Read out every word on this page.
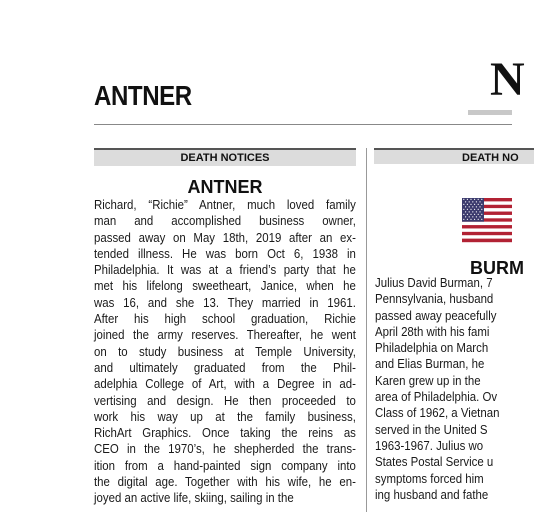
ANTNER	N
DEATH NOTICES	DEATH NO
ANTNER
Richard, “Richie” Antner, much loved family
man and accomplished business owner,
passed away on May 18th, 2019 after an ex-
tended illness. He was born Oct 6, 1938 in
Philadelphia. It was at a friend’s party that he
met his lifelong sweetheart, Janice, when he
was 16, and she 13. They married in 1961.
After his high school graduation, Richie
joined the army reserves. Thereafter, he went
on to study business at Temple University,
and ultimately graduated from the Phil-
adelphia College of Art, with a Degree in ad-
vertising and design. He then proceeded to
work his way up at the family business,
RichArt Graphics. Once taking the reins as
CEO in the 1970’s, he shepherded the trans-
ition from a hand-painted sign company into
the digital age. Together with his wife, he en-
joyed an active life, skiing, sailing in the
BURM
Julius David Burman, 7
Pennsylvania, husband
passed away peacefully
April 28th with his fami
Philadelphia on March
and Elias Burman, he
Karen grew up in the
area of Philadelphia. Ov
Class of 1962, a Vietnan
served in the United S
1963-1967. Julius wo
States Postal Service u
symptoms forced him
ing husband and fathe
